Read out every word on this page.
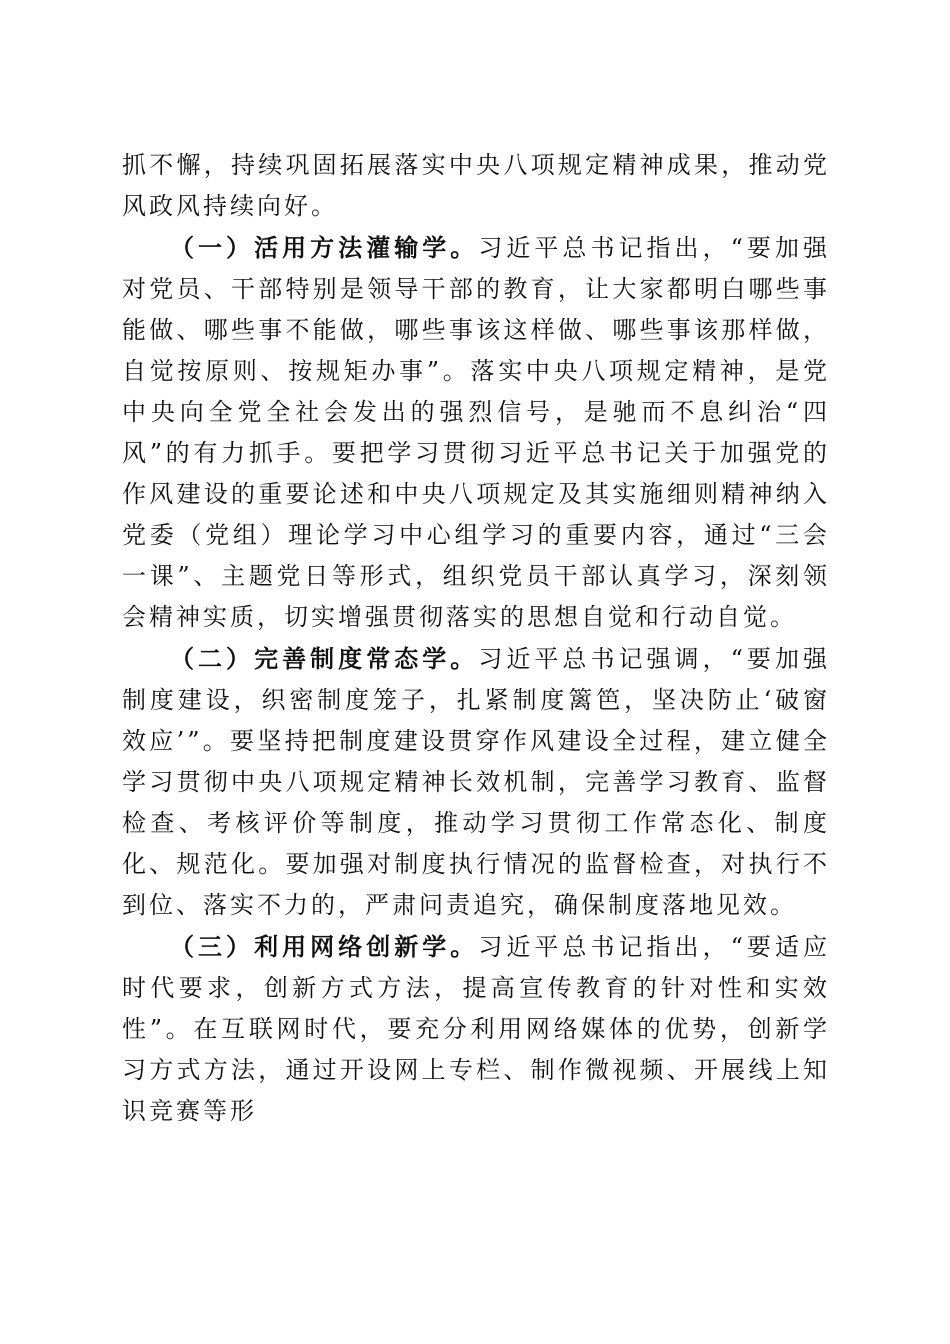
抓不懈，持续巩固拓展落实中央八项规定精神成果，推动党风政风持续向好。

（一）活用方法灌输学。习近平总书记指出，“要加强对党员、干部特别是领导干部的教育，让大家都明白哪些事能做、哪些事不能做，哪些事该这样做、哪些事该那样做，自觉按原则、按规矩办事”。落实中央八项规定精神，是党中央向全党全社会发出的强烈信号，是驰而不息纠治“四风”的有力抓手。要把学习贯彻习近平总书记关于加强党的作风建设的重要论述和中央八项规定及其实施细则精神纳入党委（党组）理论学习中心组学习的重要内容，通过“三会一课”、主题党日等形式，组织党员干部认真学习，深刻领会精神实质，切实增强贯彻落实的思想自觉和行动自觉。

（二）完善制度常态学。习近平总书记强调，“要加强制度建设，织密制度笼子，扎紧制度篱笆，坚决防止‘破窗效应’”。要坚持把制度建设贯穿作风建设全过程，建立健全学习贯彻中央八项规定精神长效机制，完善学习教育、监督检查、考核评价等制度，推动学习贯彻工作常态化、制度化、规范化。要加强对制度执行情况的监督检查，对执行不到位、落实不力的，严肃问责追究，确保制度落地见效。

（三）利用网络创新学。习近平总书记指出，“要适应时代要求，创新方式方法，提高宣传教育的针对性和实效性”。在互联网时代，要充分利用网络媒体的优势，创新学习方式方法，通过开设网上专栏、制作微视频、开展线上知识竞赛等形
